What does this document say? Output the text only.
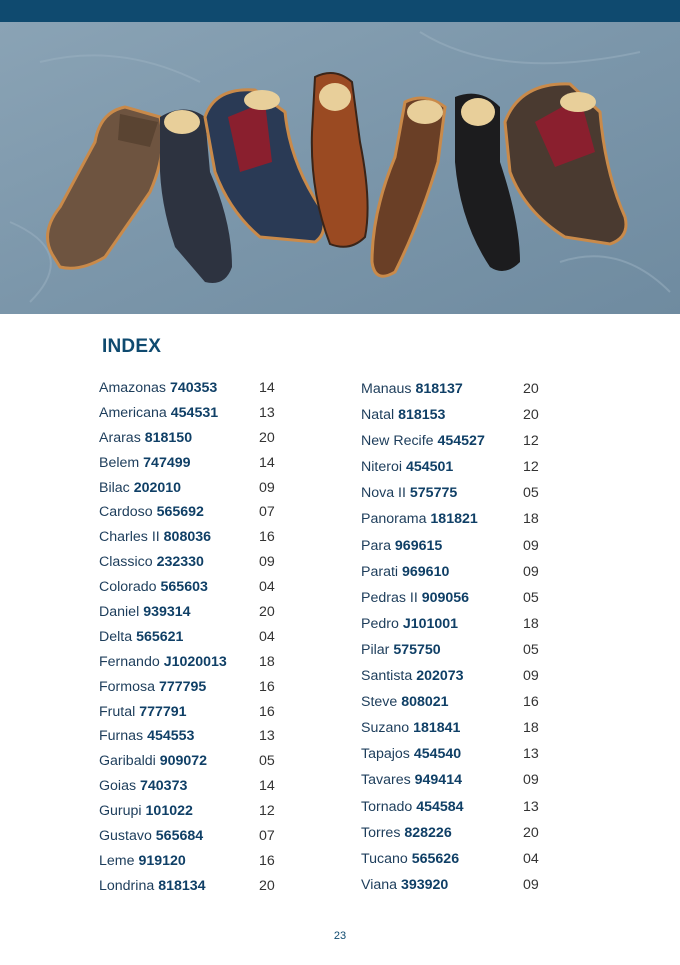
INDEX
Amazonas 740353	14
Americana 454531	13
Araras 818150	20
Belem 747499	14
Bilac 202010	09
Cardoso 565692	07
Charles II 808036	16
Classico 232330	09
Colorado 565603	04
Daniel 939314	20
Delta 565621	04
Fernando J1020013 18
Formosa 777795	16
Frutal 777791	16
Furnas 454553	13
Garibaldi 909072	05
Goias 740373	14
Gurupi 101022	12
Gustavo 565684	07
Leme 919120	16
Londrina 818134	20
Manaus 818137	20
Natal 818153	20
New Recife 454527	12
Niteroi 454501	12
Nova II 575775	05
Panorama 181821	18
Para 969615	09
Parati 969610	09
Pedras II 909056	05
Pedro J101001	18
Pilar 575750	05
Santista 202073	09
Steve 808021	16
Suzano 181841	18
Tapajos 454540	13
Tavares 949414	09
Tornado 454584	13
Torres 828226	20
Tucano 565626	04
Viana 393920	09
23
